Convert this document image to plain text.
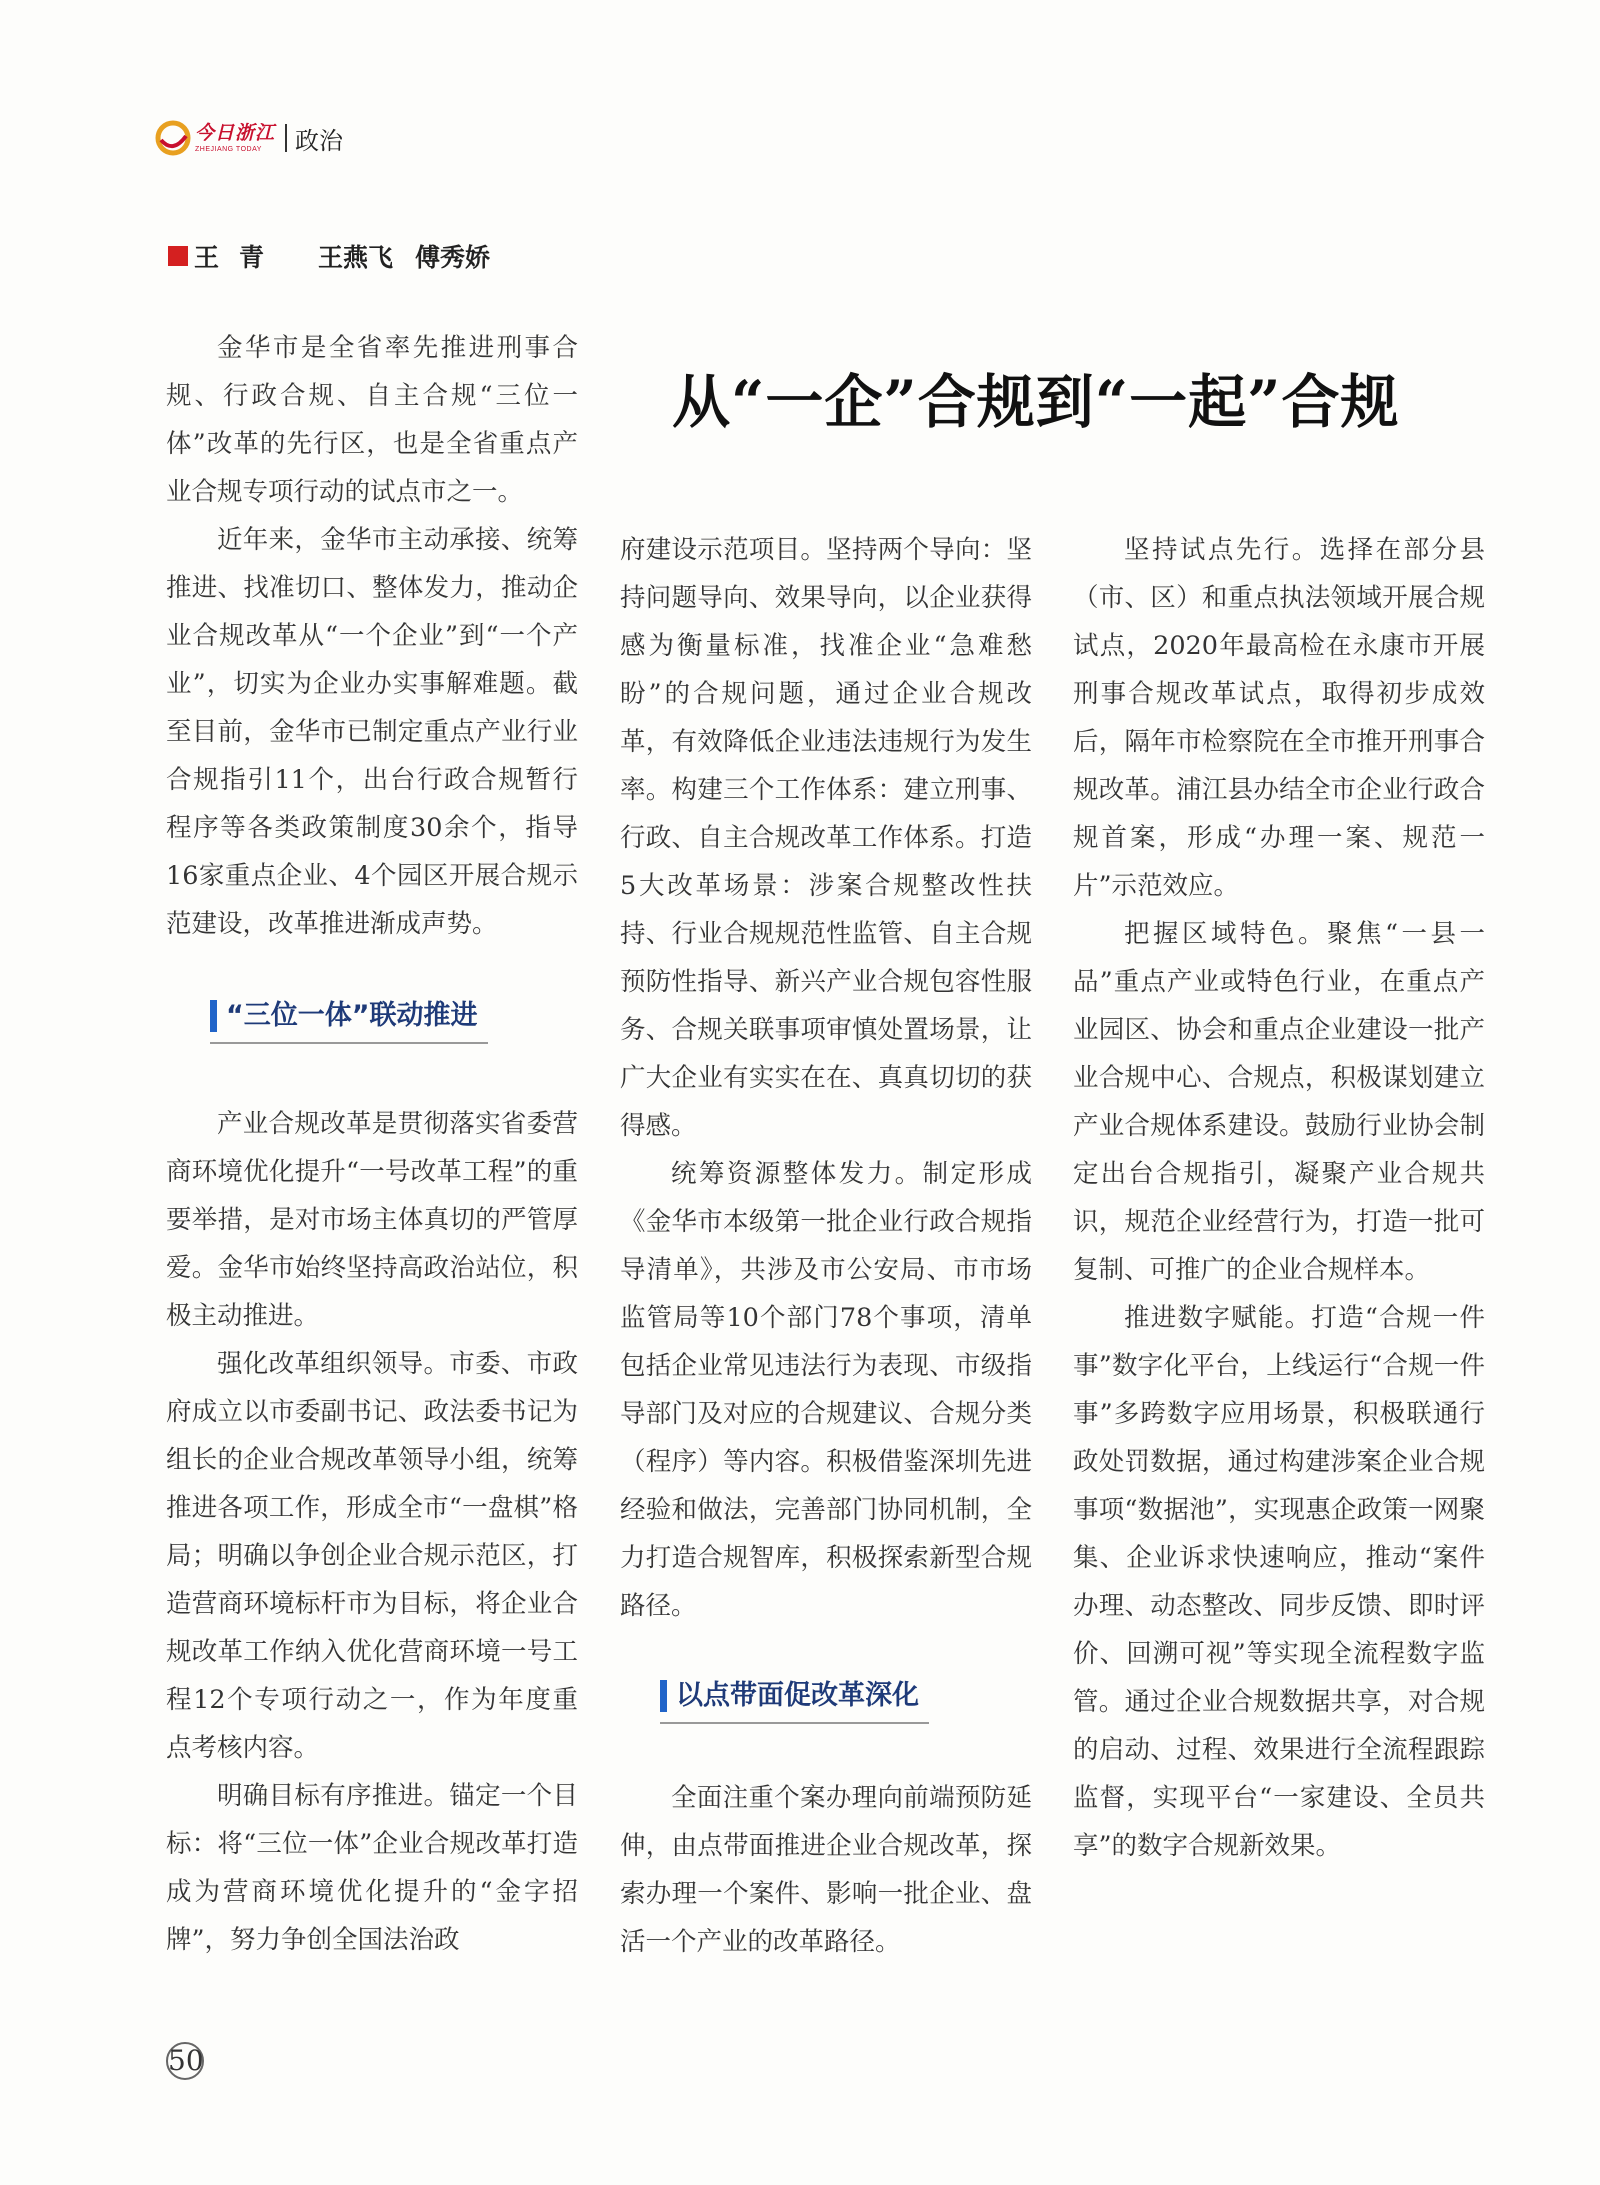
今日浙江
ZHEJIANG TODAY	政治
王青 王燕飞 傅秀娇
从“一企”合规到“一起”合规

金华市是全省率先推进刑事合规、行政合规、自主合规“三位一体”改革的先行区，也是全省重点产业合规专项行动的试点市之一。

近年来，金华市主动承接、统筹推进、找准切口、整体发力，推动企业合规改革从“一个企业”到“一个产业”，切实为企业办实事解难题。截至目前，金华市已制定重点产业行业合规指引11个，出台行政合规暂行程序等各类政策制度30余个，指导16家重点企业、4个园区开展合规示范建设，改革推进渐成声势。

“三位一体”联动推进

产业合规改革是贯彻落实省委营商环境优化提升“一号改革工程”的重要举措，是对市场主体真切的严管厚爱。金华市始终坚持高政治站位，积极主动推进。

强化改革组织领导。市委、市政府成立以市委副书记、政法委书记为组长的企业合规改革领导小组，统筹推进各项工作，形成全市“一盘棋”格局；明确以争创企业合规示范区，打造营商环境标杆市为目标，将企业合规改革工作纳入优化营商环境一号工程12个专项行动之一，作为年度重点考核内容。

明确目标有序推进。锚定一个目标：将“三位一体”企业合规改革打造成为营商环境优化提升的“金字招牌”，努力争创全国法治政

府建设示范项目。坚持两个导向：坚持问题导向、效果导向，以企业获得感为衡量标准，找准企业“急难愁盼”的合规问题，通过企业合规改革，有效降低企业违法违规行为发生率。构建三个工作体系：建立刑事、行政、自主合规改革工作体系。打造5大改革场景：涉案合规整改性扶持、行业合规规范性监管、自主合规预防性指导、新兴产业合规包容性服务、合规关联事项审慎处置场景，让广大企业有实实在在、真真切切的获得感。

统筹资源整体发力。制定形成《金华市本级第一批企业行政合规指导清单》，共涉及市公安局、市市场监管局等10个部门78个事项，清单包括企业常见违法行为表现、市级指导部门及对应的合规建议、合规分类（程序）等内容。积极借鉴深圳先进经验和做法，完善部门协同机制，全力打造合规智库，积极探索新型合规路径。

以点带面促改革深化

全面注重个案办理向前端预防延伸，由点带面推进企业合规改革，探索办理一个案件、影响一批企业、盘活一个产业的改革路径。

坚持试点先行。选择在部分县（市、区）和重点执法领域开展合规试点，2020年最高检在永康市开展刑事合规改革试点，取得初步成效后，隔年市检察院在全市推开刑事合规改革。浦江县办结全市企业行政合规首案，形成“办理一案、规范一片”示范效应。

把握区域特色。聚焦“一县一品”重点产业或特色行业，在重点产业园区、协会和重点企业建设一批产业合规中心、合规点，积极谋划建立产业合规体系建设。鼓励行业协会制定出台合规指引，凝聚产业合规共识，规范企业经营行为，打造一批可复制、可推广的企业合规样本。

推进数字赋能。打造“合规一件事”数字化平台，上线运行“合规一件事”多跨数字应用场景，积极联通行政处罚数据，通过构建涉案企业合规事项“数据池”，实现惠企政策一网聚集、企业诉求快速响应，推动“案件办理、动态整改、同步反馈、即时评价、回溯可视”等实现全流程数字监管。通过企业合规数据共享，对合规的启动、过程、效果进行全流程跟踪监督，实现平台“一家建设、全员共享”的数字合规新效果。

50
